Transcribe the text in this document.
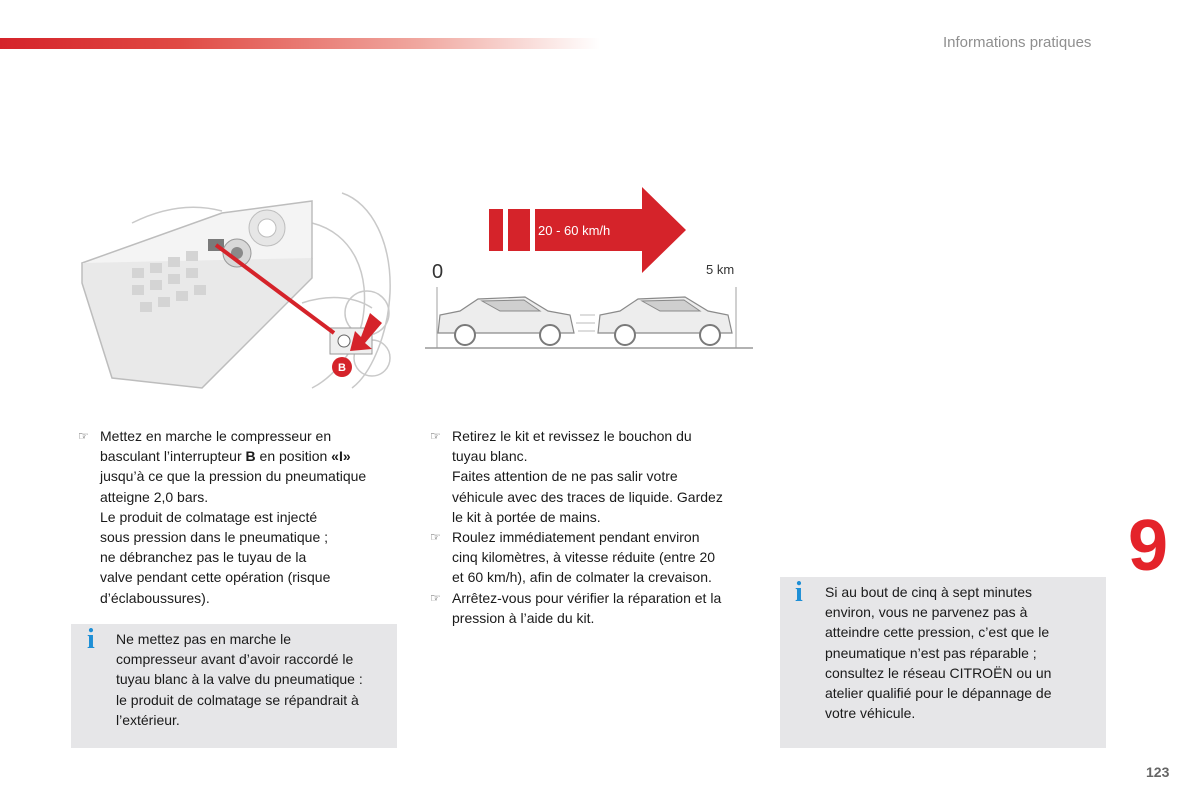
Informations pratiques
9
123
B
20 - 60 km/h
0	5 km
☞ Mettez en marche le compresseur en

basculant l’interrupteur B en position «I»

jusqu’à ce que la pression du pneumatique

atteigne 2,0 bars.

Le produit de colmatage est injecté

sous pression dans le pneumatique ;

ne débranchez pas le tuyau de la

valve pendant cette opération (risque

d’éclaboussures).

☞ Retirez le kit et revissez le bouchon du

tuyau blanc.

Faites attention de ne pas salir votre

véhicule avec des traces de liquide. Gardez

le kit à portée de mains.

☞ Roulez immédiatement pendant environ

cinq kilomètres, à vitesse réduite (entre 20

et 60 km/h), afin de colmater la crevaison.

☞ Arrêtez-vous pour vérifier la réparation et la

pression à l’aide du kit.

i Ne mettez pas en marche le
compresseur avant d’avoir raccordé le
tuyau blanc à la valve du pneumatique :
le produit de colmatage se répandrait à
l’extérieur.
i Si au bout de cinq à sept minutes
environ, vous ne parvenez pas à
atteindre cette pression, c’est que le
pneumatique n’est pas réparable ;
consultez le réseau CITROËN ou un
atelier qualifié pour le dépannage de
votre véhicule.
